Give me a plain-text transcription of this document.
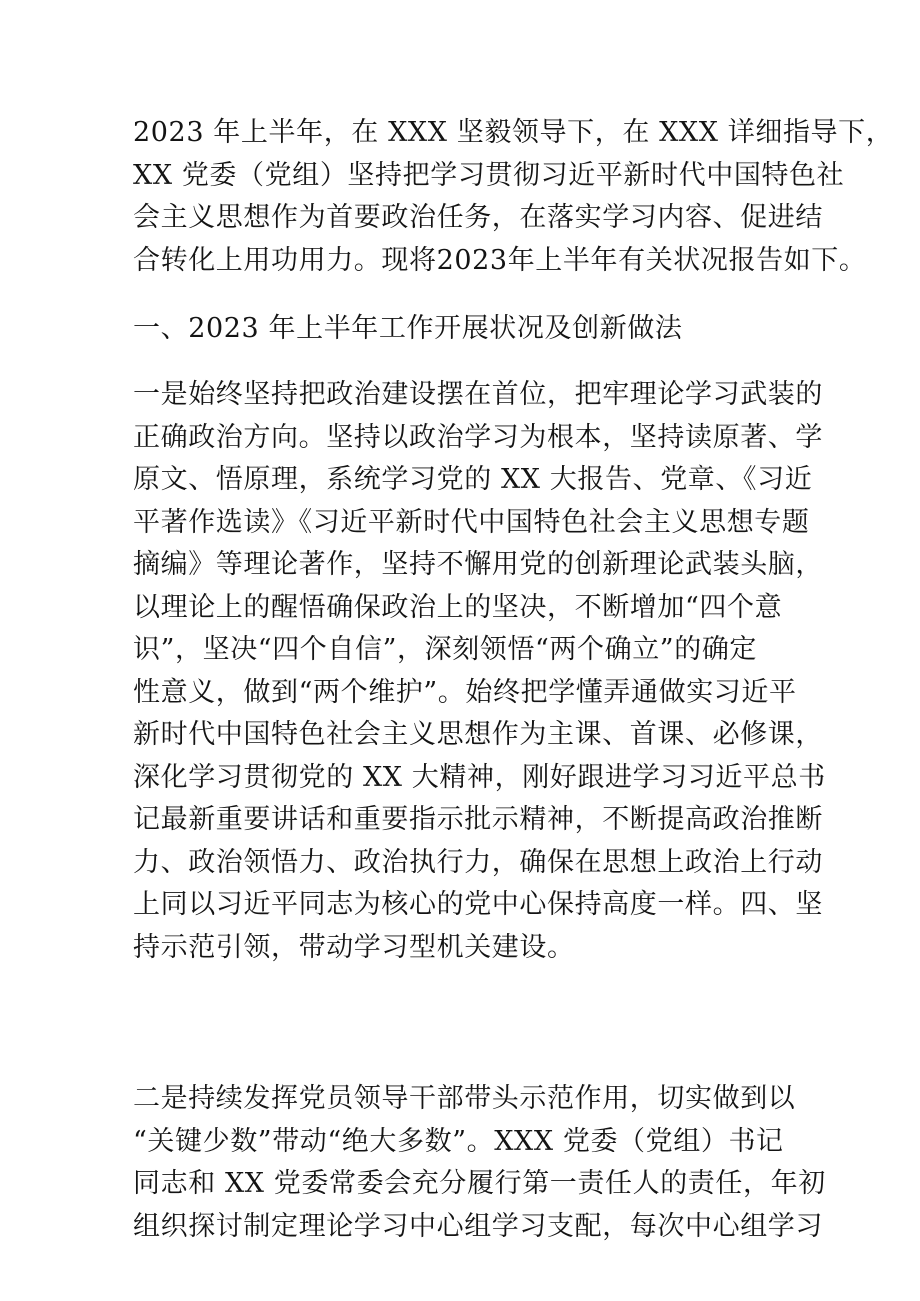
2023 年上半年，在 XXX 坚毅领导下，在 XXX 详细指导下，
XX 党委（党组）坚持把学习贯彻习近平新时代中国特色社
会主义思想作为首要政治任务，在落实学习内容、促进结
合转化上用功用力。现将2023年上半年有关状况报告如下。
一、2023 年上半年工作开展状况及创新做法
一是始终坚持把政治建设摆在首位，把牢理论学习武装的
正确政治方向。坚持以政治学习为根本，坚持读原著、学
原文、悟原理，系统学习党的 XX 大报告、党章、《习近
平著作选读》《习近平新时代中国特色社会主义思想专题
摘编》等理论著作，坚持不懈用党的创新理论武装头脑，
以理论上的醒悟确保政治上的坚决，不断增加“四个意
识”，坚决“四个自信”，深刻领悟“两个确立”的确定
性意义，做到“两个维护”。始终把学懂弄通做实习近平
新时代中国特色社会主义思想作为主课、首课、必修课，
深化学习贯彻党的 XX 大精神，刚好跟进学习习近平总书
记最新重要讲话和重要指示批示精神，不断提高政治推断
力、政治领悟力、政治执行力，确保在思想上政治上行动
上同以习近平同志为核心的党中心保持高度一样。四、坚
持示范引领，带动学习型机关建设。
二是持续发挥党员领导干部带头示范作用，切实做到以
“关键少数”带动“绝大多数”。XXX 党委（党组）书记
同志和 XX 党委常委会充分履行第一责任人的责任，年初
组织探讨制定理论学习中心组学习支配，每次中心组学习
